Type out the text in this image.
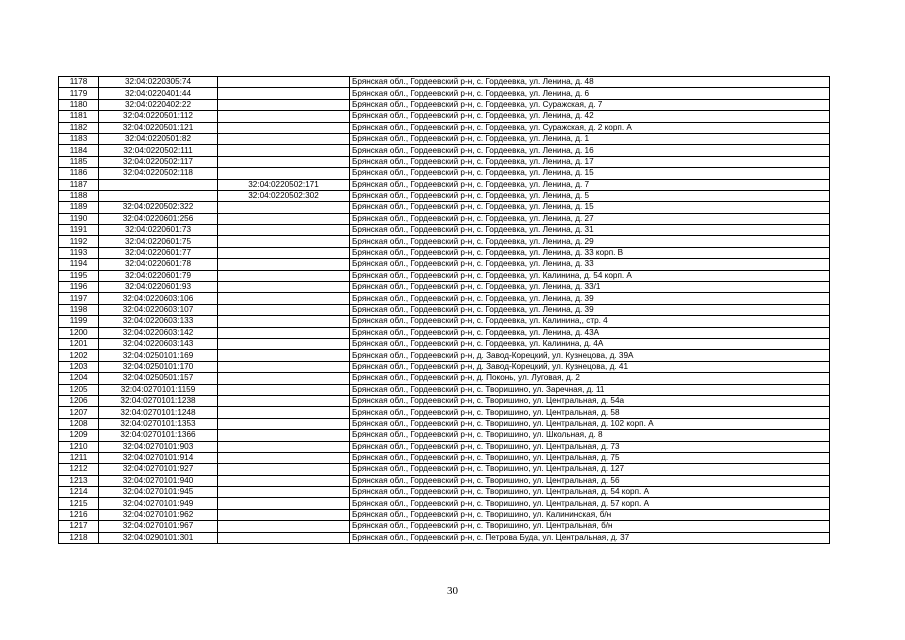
1178	32:04:0220305:74		Брянская обл., Гордеевский р-н, с. Гордеевка, ул. Ленина, д. 48
1179	32:04:0220401:44		Брянская обл., Гордеевский р-н, с. Гордеевка, ул. Ленина, д. 6
1180	32:04:0220402:22		Брянская обл., Гордеевский р-н, с. Гордеевка, ул. Суражская, д. 7
1181	32:04:0220501:112		Брянская обл., Гордеевский р-н, с. Гордеевка, ул. Ленина, д. 42
1182	32:04:0220501:121		Брянская обл., Гордеевский р-н, с. Гордеевка, ул. Суражская, д. 2 корп. А
1183	32:04:0220501:82		Брянская обл., Гордеевский р-н, с. Гордеевка, ул. Ленина, д. 1
1184	32:04:0220502:111		Брянская обл., Гордеевский р-н, с. Гордеевка, ул. Ленина, д. 16
1185	32:04:0220502:117		Брянская обл., Гордеевский р-н, с. Гордеевка, ул. Ленина, д. 17
1186	32:04:0220502:118		Брянская обл., Гордеевский р-н, с. Гордеевка, ул. Ленина, д. 15
1187		32:04:0220502:171	Брянская обл., Гордеевский р-н, с. Гордеевка, ул. Ленина, д. 7
1188		32:04:0220502:302	Брянская обл., Гордеевский р-н, с. Гордеевка, ул. Ленина, д. 5
1189	32:04:0220502:322		Брянская обл., Гордеевский р-н, с. Гордеевка, ул. Ленина, д. 15
1190	32:04:0220601:256		Брянская обл., Гордеевский р-н, с. Гордеевка, ул. Ленина, д. 27
1191	32:04:0220601:73		Брянская обл., Гордеевский р-н, с. Гордеевка, ул. Ленина, д. 31
1192	32:04:0220601:75		Брянская обл., Гордеевский р-н, с. Гордеевка, ул. Ленина, д. 29
1193	32:04:0220601:77		Брянская обл., Гордеевский р-н, с. Гордеевка, ул. Ленина, д. 33 корп. В
1194	32:04:0220601:78		Брянская обл., Гордеевский р-н, с. Гордеевка, ул. Ленина, д. 33
1195	32:04:0220601:79		Брянская обл., Гордеевский р-н, с. Гордеевка, ул. Калинина, д. 54 корп. А
1196	32:04:0220601:93		Брянская обл., Гордеевский р-н, с. Гордеевка, ул. Ленина, д. 33/1
1197	32:04:0220603:106		Брянская обл., Гордеевский р-н, с. Гордеевка, ул. Ленина, д. 39
1198	32:04:0220603:107		Брянская обл., Гордеевский р-н, с. Гордеевка, ул. Ленина, д. 39
1199	32:04:0220603:133		Брянская обл., Гордеевский р-н, с. Гордеевка, ул. Калинина,, стр. 4
1200	32:04:0220603:142		Брянская обл., Гордеевский р-н, с. Гордеевка, ул. Ленина, д. 43А
1201	32:04:0220603:143		Брянская обл., Гордеевский р-н, с. Гордеевка, ул. Калинина, д. 4А
1202	32:04:0250101:169		Брянская обл., Гордеевский р-н, д. Завод-Корецкий, ул. Кузнецова, д. 39А
1203	32:04:0250101:170		Брянская обл., Гордеевский р-н, д. Завод-Корецкий, ул. Кузнецова, д. 41
1204	32:04:0250501:157		Брянская обл., Гордеевский р-н, д. Поконь, ул. Луговая, д. 2
1205	32:04:0270101:1159		Брянская обл., Гордеевский р-н, с. Творишино, ул. Заречная, д. 11
1206	32:04:0270101:1238		Брянская обл., Гордеевский р-н, с. Творишино, ул. Центральная, д. 54а
1207	32:04:0270101:1248		Брянская обл., Гордеевский р-н, с. Творишино, ул. Центральная, д. 58
1208	32:04:0270101:1353		Брянская обл., Гордеевский р-н, с. Творишино, ул. Центральная, д. 102 корп. А
1209	32:04:0270101:1366		Брянская обл., Гордеевский р-н, с. Творишино, ул. Школьная, д. 8
1210	32:04:0270101:903		Брянская обл., Гордеевский р-н, с. Творишино, ул. Центральная, д. 73
1211	32:04:0270101:914		Брянская обл., Гордеевский р-н, с. Творишино, ул. Центральная, д. 75
1212	32:04:0270101:927		Брянская обл., Гордеевский р-н, с. Творишино, ул. Центральная, д. 127
1213	32:04:0270101:940		Брянская обл., Гордеевский р-н, с. Творишино, ул. Центральная, д. 56
1214	32:04:0270101:945		Брянская обл., Гордеевский р-н, с. Творишино, ул. Центральная, д. 54 корп. А
1215	32:04:0270101:949		Брянская обл., Гордеевский р-н, с. Творишино, ул. Центральная, д. 57 корп. А
1216	32:04:0270101:962		Брянская обл., Гордеевский р-н, с. Творишино, ул. Калининская, б/н
1217	32:04:0270101:967		Брянская обл., Гордеевский р-н, с. Творишино, ул. Центральная, б/н
1218	32:04:0290101:301		Брянская обл., Гордеевский р-н, с. Петрова Буда, ул. Центральная, д. 37
30
